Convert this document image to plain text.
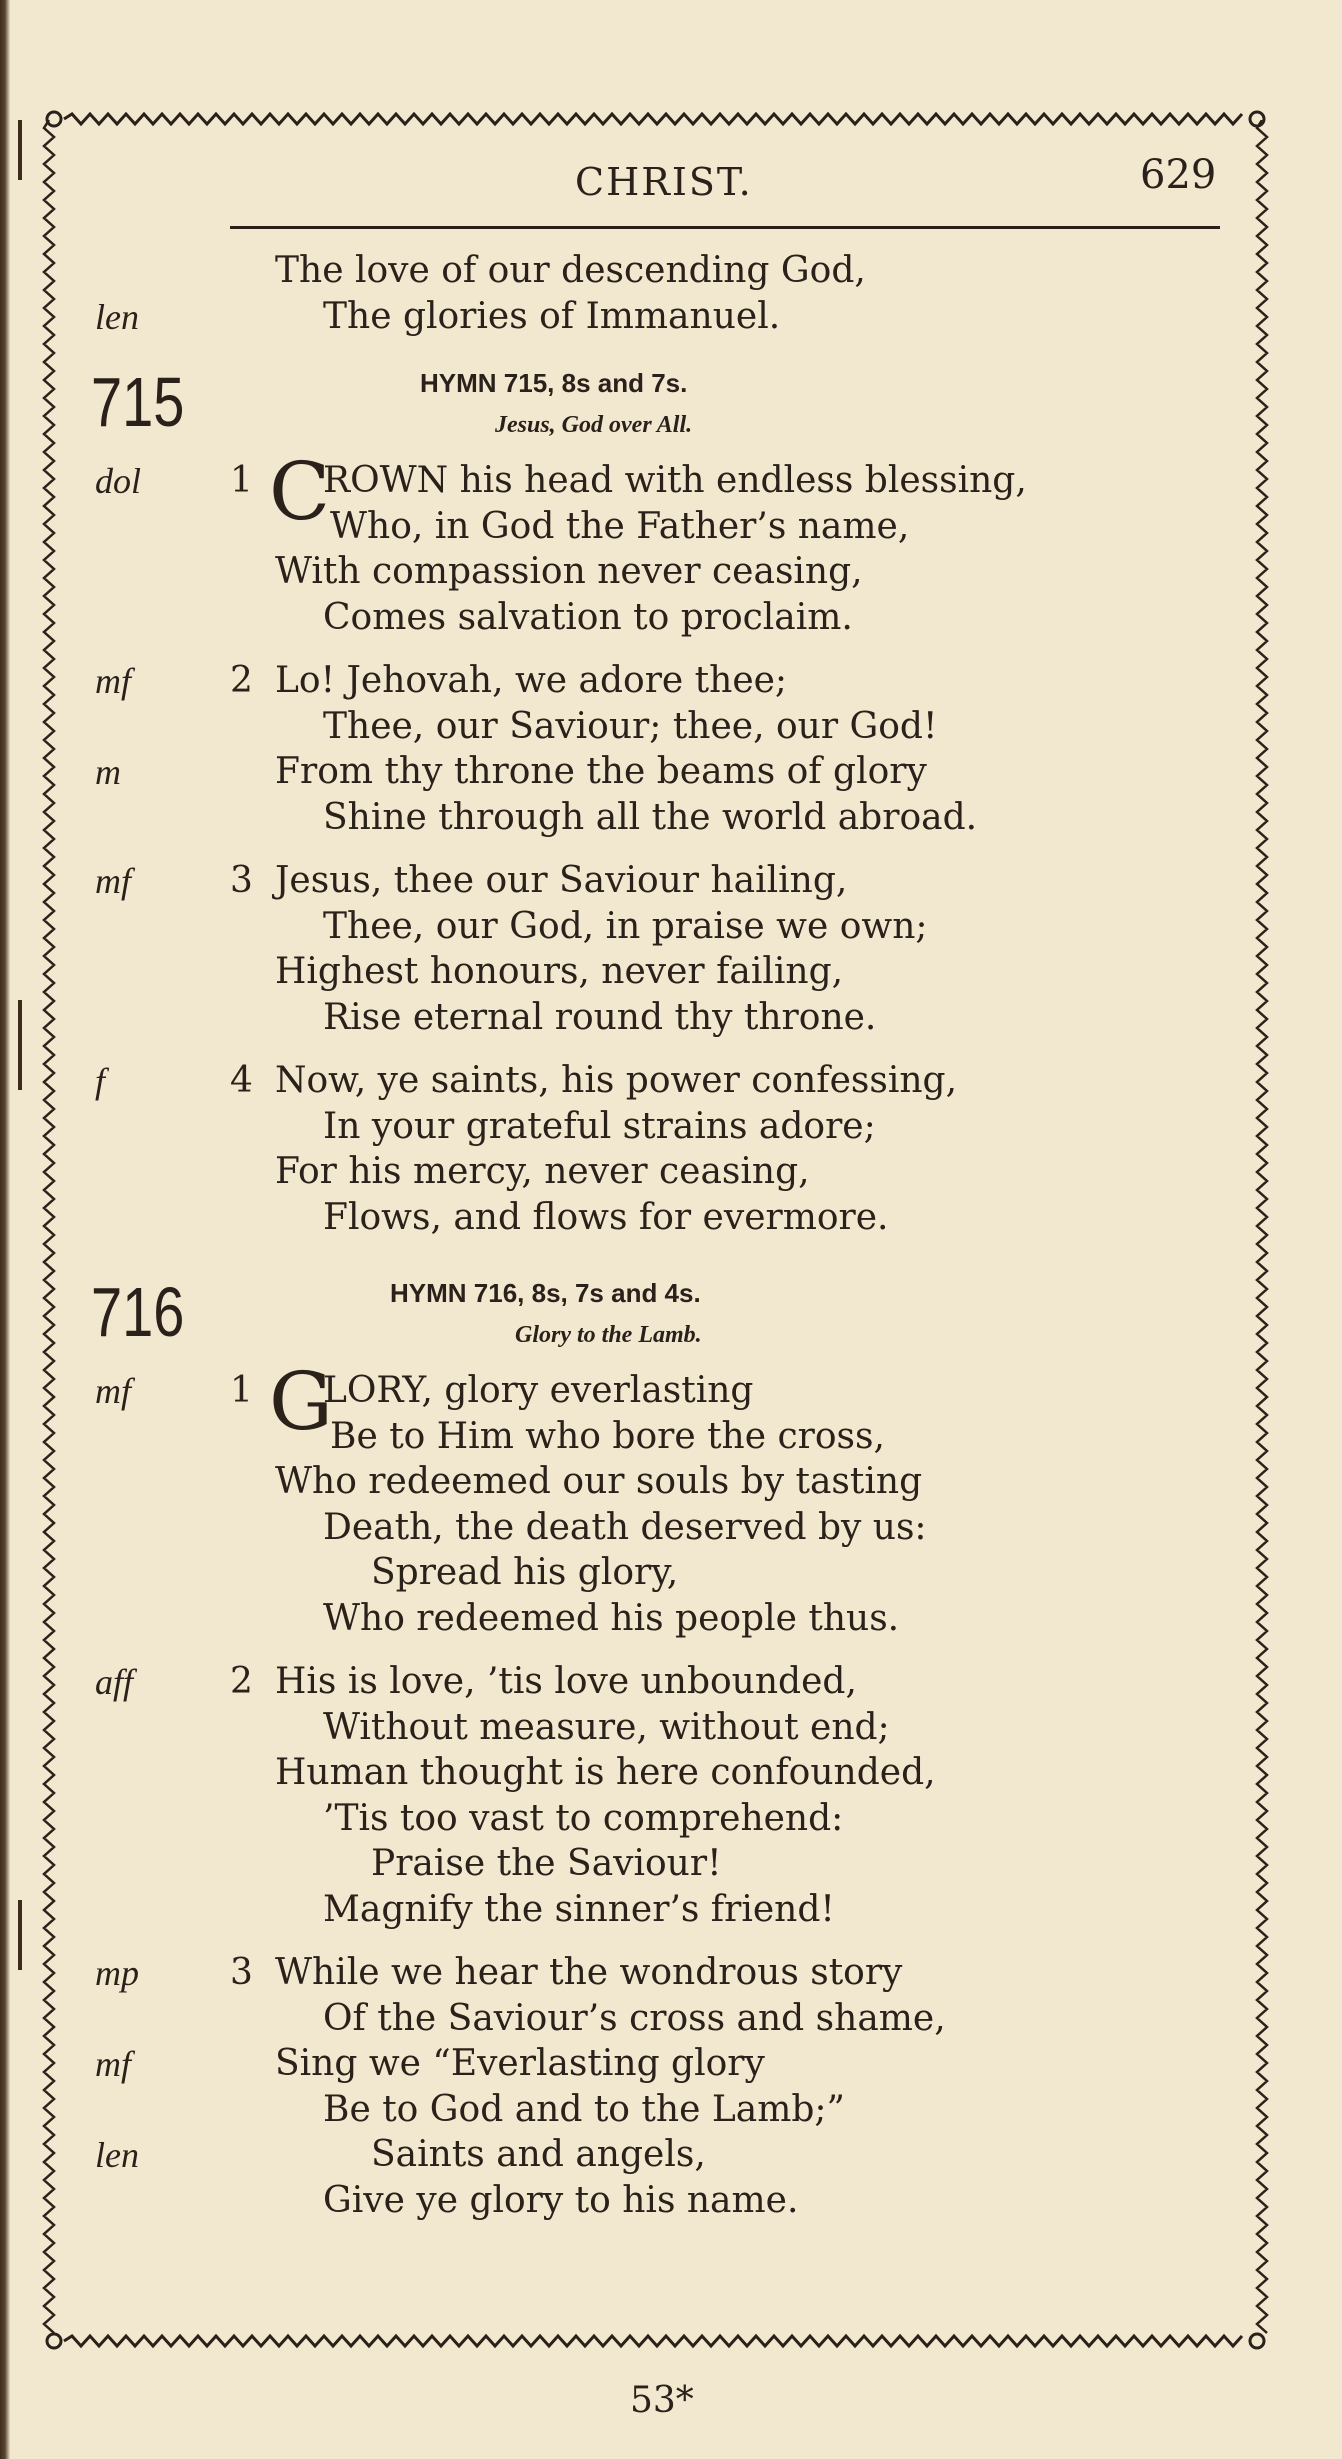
CHRIST.	629
The love of our descending God,
The glories of Immanuel.
len
715	HYMN 715, 8s and 7s.
Jesus, God over All.
1 C
ROWN his head with endless blessing,
dol
Who, in God the Father’s name,
With compassion never ceasing,
Comes salvation to proclaim.
2 Lo! Jehovah, we adore thee;
mf
Thee, our Saviour; thee, our God!
From thy throne the beams of glory
m
Shine through all the world abroad.
3 Jesus, thee our Saviour hailing,
mf
Thee, our God, in praise we own;
Highest honours, never failing,
Rise eternal round thy throne.
4 Now, ye saints, his power confessing,
f
In your grateful strains adore;
For his mercy, never ceasing,
Flows, and flows for evermore.
716	HYMN 716, 8s, 7s and 4s.
Glory to the Lamb.
1 G
LORY, glory everlasting
mf
Be to Him who bore the cross,
Who redeemed our souls by tasting
Death, the death deserved by us:
Spread his glory,
Who redeemed his people thus.
2 His is love, ’tis love unbounded,
aff
Without measure, without end;
Human thought is here confounded,
’Tis too vast to comprehend:
Praise the Saviour!
Magnify the sinner’s friend!
3 While we hear the wondrous story
mp
Of the Saviour’s cross and shame,
Sing we “Everlasting glory
mf
Be to God and to the Lamb;”
Saints and angels,
len
Give ye glory to his name.
53*
